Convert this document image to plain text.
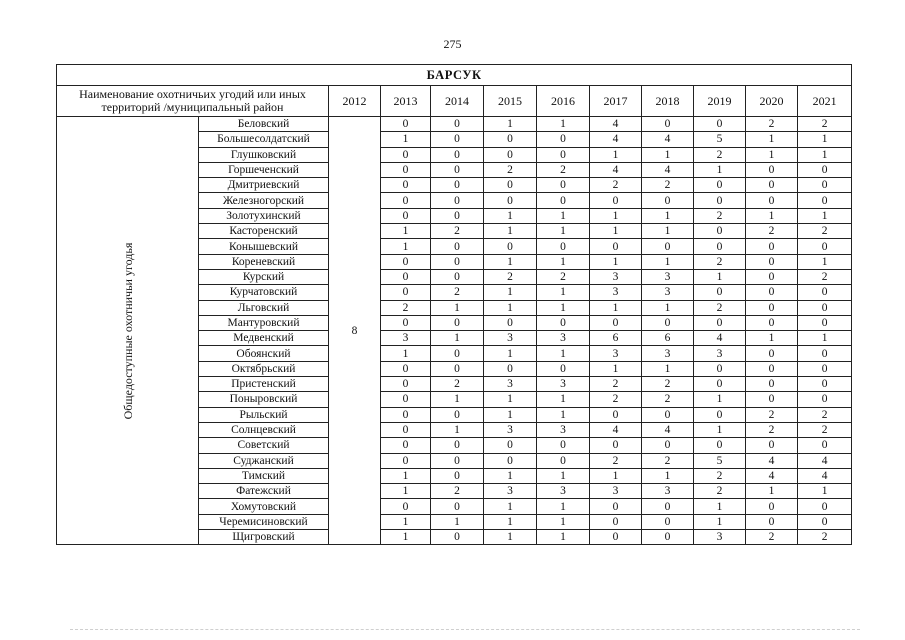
275
БАРСУК											
Наименование охотничьих угодий или иных территорий /муниципальный район		2012	2013	2014	2015	2016	2017	2018	2019	2020	2021

Общедоступные охотничьи угодья	Беловский	8	0	0	1	1	4	0	0	2	2
	Большесолдатский		1	0	0	0	4	4	5	1	1
	Глушковский		0	0	0	0	1	1	2	1	1
	Горшеченский		0	0	2	2	4	4	1	0	0
	Дмитриевский		0	0	0	0	2	2	0	0	0
	Железногорский		0	0	0	0	0	0	0	0	0
	Золотухинский		0	0	1	1	1	1	2	1	1
	Касторенский		1	2	1	1	1	1	0	2	2
	Конышевский		1	0	0	0	0	0	0	0	0
	Кореневский		0	0	1	1	1	1	2	0	1
	Курский		0	0	2	2	3	3	1	0	2
	Курчатовский		0	2	1	1	3	3	0	0	0
	Льговский		2	1	1	1	1	1	2	0	0
	Мантуровский		0	0	0	0	0	0	0	0	0
	Медвенский		3	1	3	3	6	6	4	1	1
	Обоянский		1	0	1	1	3	3	3	0	0
	Октябрьский		0	0	0	0	1	1	0	0	0
	Пристенский		0	2	3	3	2	2	0	0	0
	Поныровский		0	1	1	1	2	2	1	0	0
	Рыльский		0	0	1	1	0	0	0	2	2
	Солнцевский		0	1	3	3	4	4	1	2	2
	Советский		0	0	0	0	0	0	0	0	0
	Суджанский		0	0	0	0	2	2	5	4	4
	Тимский		1	0	1	1	1	1	2	4	4
	Фатежский		1	2	3	3	3	3	2	1	1
	Хомутовский		0	0	1	1	0	0	1	0	0
	Черемисиновский		1	1	1	1	0	0	1	0	0
	Щигровский		1	0	1	1	0	0	3	2	2
